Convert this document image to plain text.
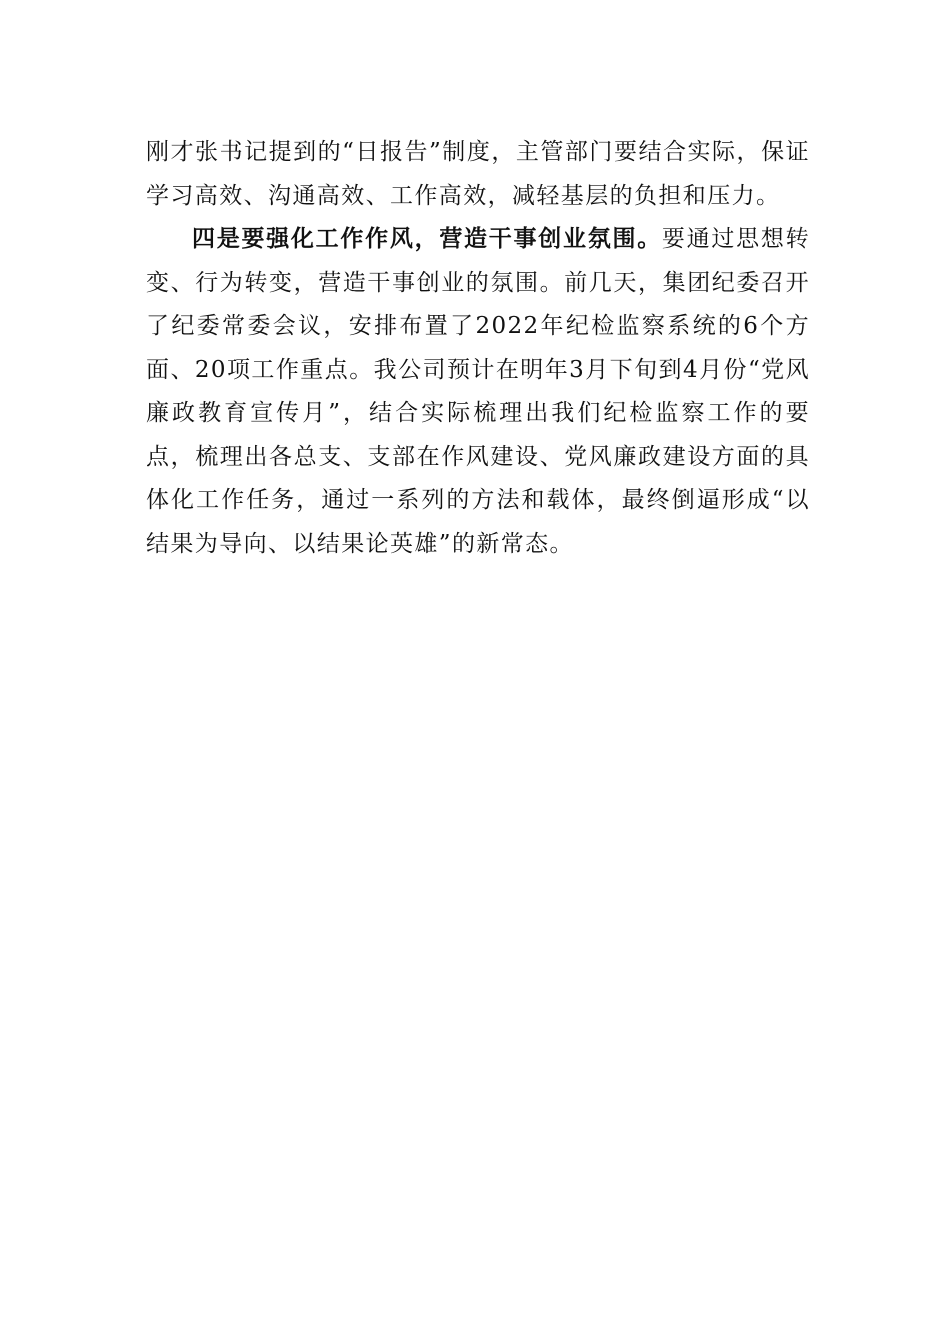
刚才张书记提到的“日报告”制度，主管部门要结合实际，保证学习高效、沟通高效、工作高效，减轻基层的负担和压力。

四是要强化工作作风，营造干事创业氛围。要通过思想转变、行为转变，营造干事创业的氛围。前几天，集团纪委召开了纪委常委会议，安排布置了2022年纪检监察系统的6个方面、20项工作重点。我公司预计在明年3月下旬到4月份“党风廉政教育宣传月”，结合实际梳理出我们纪检监察工作的要点，梳理出各总支、支部在作风建设、党风廉政建设方面的具体化工作任务，通过一系列的方法和载体，最终倒逼形成“以结果为导向、以结果论英雄”的新常态。
